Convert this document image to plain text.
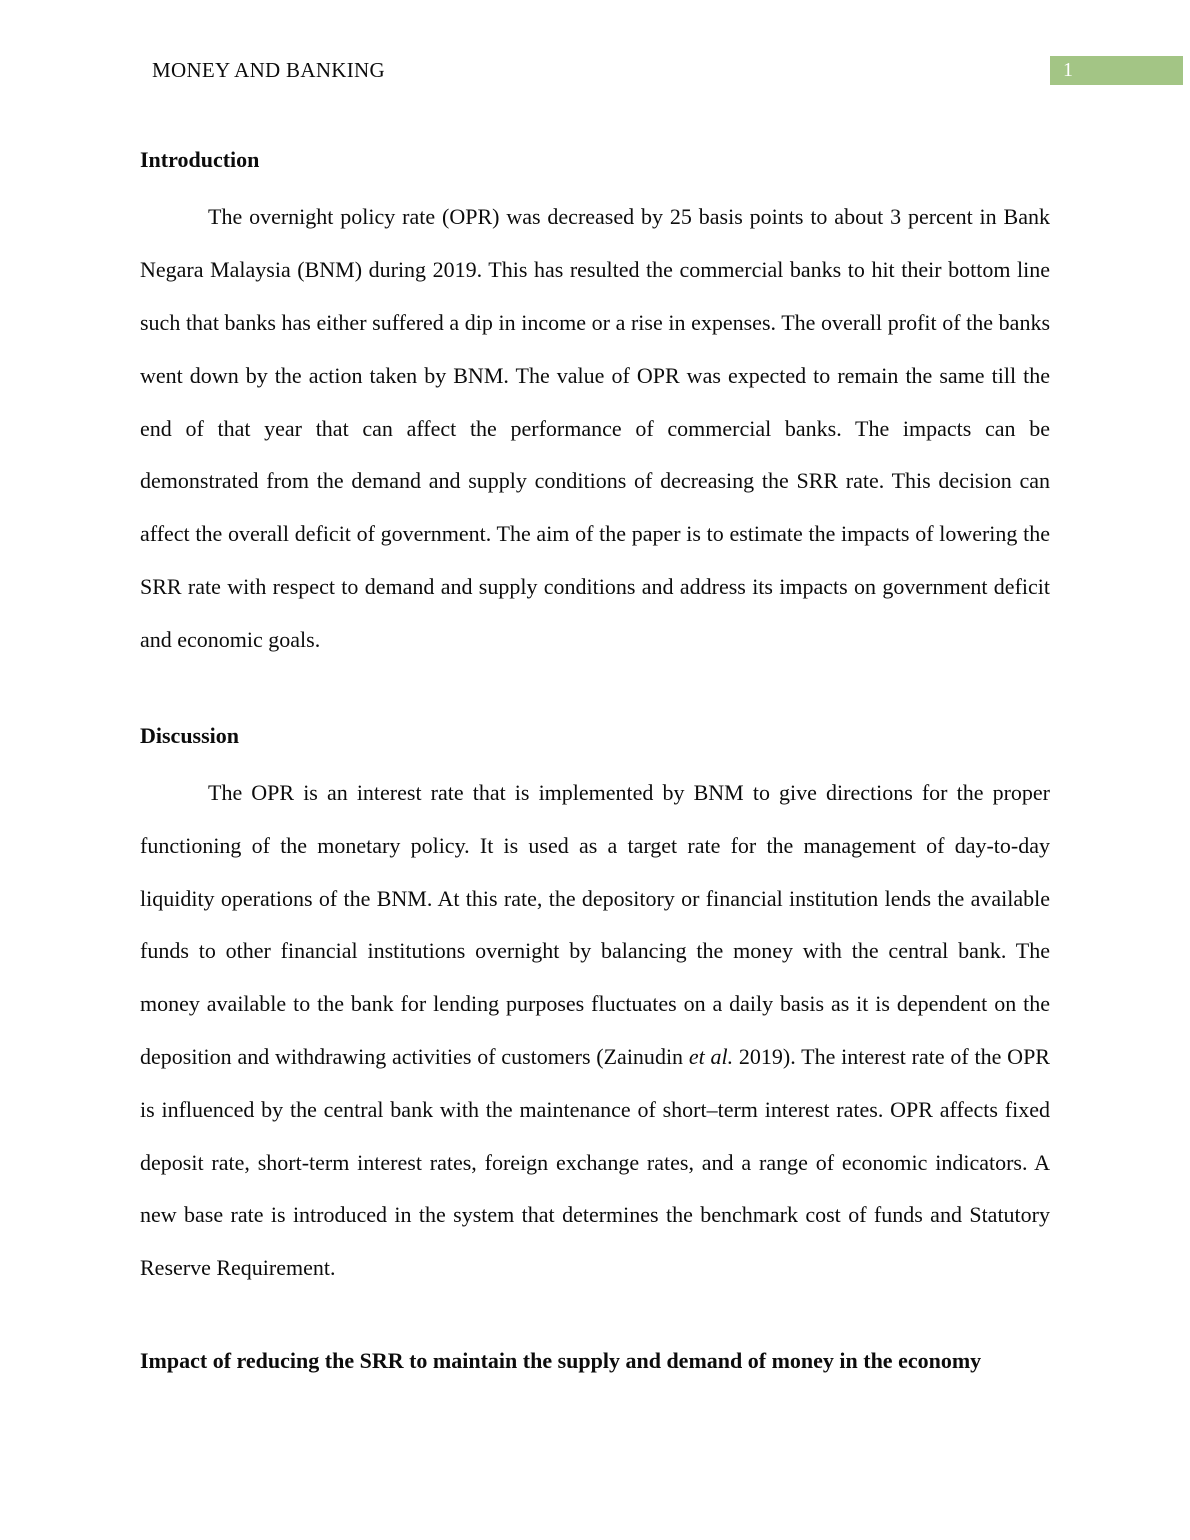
MONEY AND BANKING	1
Introduction

The overnight policy rate (OPR) was decreased by 25 basis points to about 3 percent in Bank Negara Malaysia (BNM) during 2019. This has resulted the commercial banks to hit their bottom line such that banks has either suffered a dip in income or a rise in expenses. The overall profit of the banks went down by the action taken by BNM. The value of OPR was expected to remain the same till the end of that year that can affect the performance of commercial banks. The impacts can be demonstrated from the demand and supply conditions of decreasing the SRR rate. This decision can affect the overall deficit of government. The aim of the paper is to estimate the impacts of lowering the SRR rate with respect to demand and supply conditions and address its impacts on government deficit and economic goals.

Discussion

The OPR is an interest rate that is implemented by BNM to give directions for the proper functioning of the monetary policy. It is used as a target rate for the management of day-to-day liquidity operations of the BNM. At this rate, the depository or financial institution lends the available funds to other financial institutions overnight by balancing the money with the central bank. The money available to the bank for lending purposes fluctuates on a daily basis as it is dependent on the deposition and withdrawing activities of customers (Zainudin et al. 2019). The interest rate of the OPR is influenced by the central bank with the maintenance of short–term interest rates. OPR affects fixed deposit rate, short-term interest rates, foreign exchange rates, and a range of economic indicators. A new base rate is introduced in the system that determines the benchmark cost of funds and Statutory Reserve Requirement.

Impact of reducing the SRR to maintain the supply and demand of money in the economy
